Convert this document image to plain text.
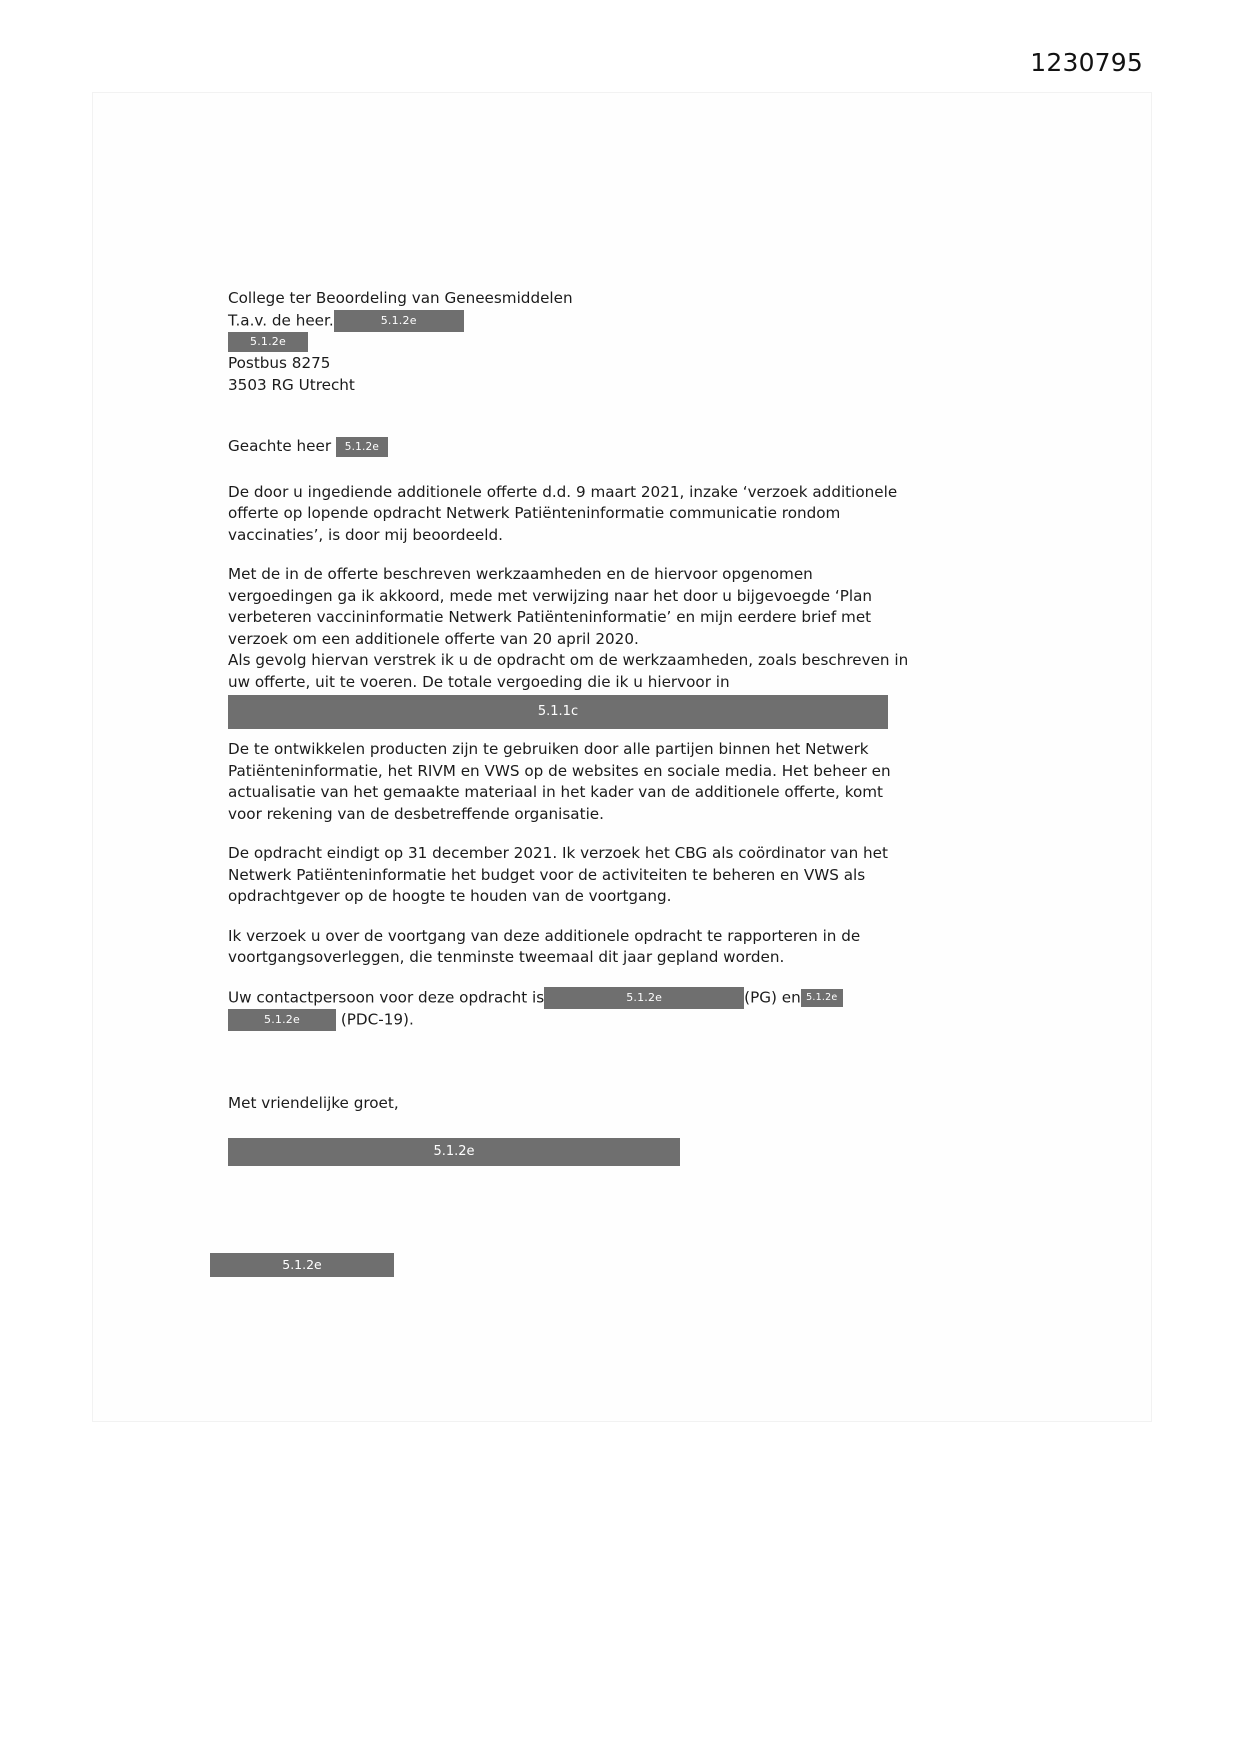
1230795
College ter Beoordeling van Geneesmiddelen
T.a.v. de heer.	5.1.2e
5.1.2e
Postbus 8275
3503 RG Utrecht
Geachte heer 5.1.2e

De door u ingediende additionele offerte d.d. 9 maart 2021, inzake ‘verzoek additionele offerte op lopende opdracht Netwerk Patiënteninformatie communicatie rondom vaccinaties’, is door mij beoordeeld.

Met de in de offerte beschreven werkzaamheden en de hiervoor opgenomen vergoedingen ga ik akkoord, mede met verwijzing naar het door u bijgevoegde ‘Plan verbeteren vaccininformatie Netwerk Patiënteninformatie’ en mijn eerdere brief met verzoek om een additionele offerte van 20 april 2020.

Als gevolg hiervan verstrek ik u de opdracht om de werkzaamheden, zoals beschreven in uw offerte, uit te voeren. De totale vergoeding die ik u hiervoor in

5.1.1c

De te ontwikkelen producten zijn te gebruiken door alle partijen binnen het Netwerk Patiënteninformatie, het RIVM en VWS op de websites en sociale media. Het beheer en actualisatie van het gemaakte materiaal in het kader van de additionele offerte, komt voor rekening van de desbetreffende organisatie.

De opdracht eindigt op 31 december 2021. Ik verzoek het CBG als coördinator van het Netwerk Patiënteninformatie het budget voor de activiteiten te beheren en VWS als opdrachtgever op de hoogte te houden van de voortgang.

Ik verzoek u over de voortgang van deze additionele opdracht te rapporteren in de voortgangsoverleggen, die tenminste tweemaal dit jaar gepland worden.

Uw contactpersoon voor deze opdracht is	5.1.2e	(PG) en 5.1.2e
5.1.2e	(PDC-19).

Met vriendelijke groet,

5.1.2e
5.1.2e
